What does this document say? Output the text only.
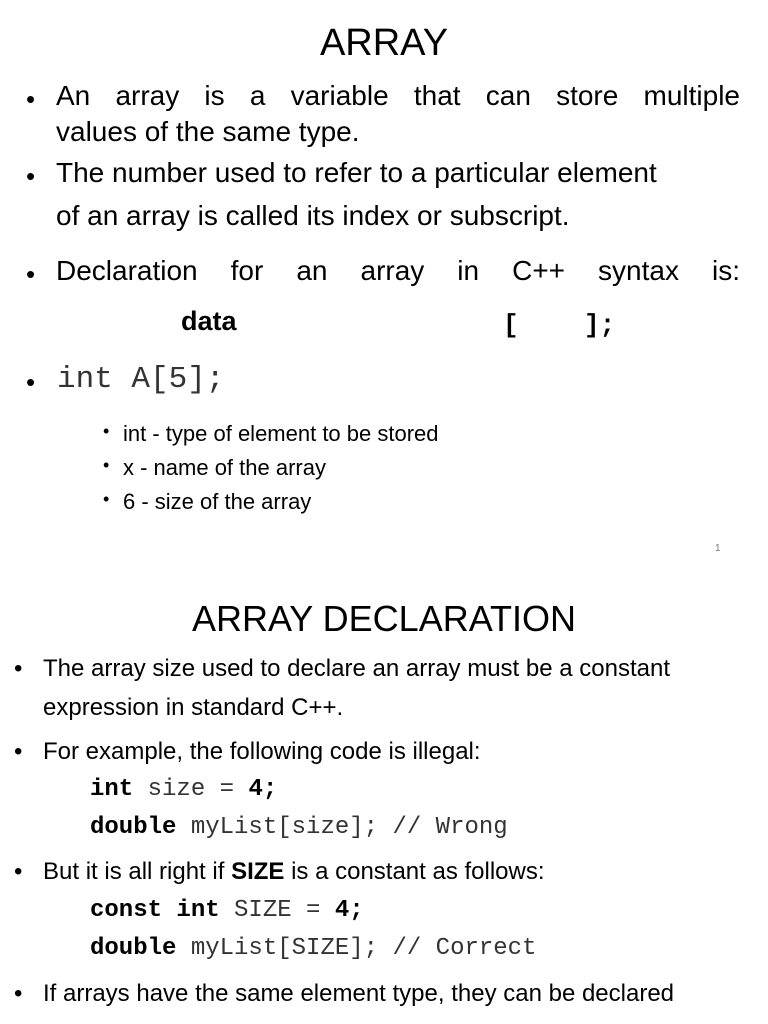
ARRAY
• An array is a variable that can store multiple
values of the same type.
• The number used to refer to a particular element
of an array is called its index or subscript.
• Declaration for an array in C++ syntax is:
data	[	];
• int A[5];
• int - type of element to be stored
• x - name of the array
• 6 - size of the array
1
ARRAY DECLARATION
• The array size used to declare an array must be a constant
expression in standard C++.
• For example, the following code is illegal:
int size = 4;
double myList[size]; // Wrong
• But it is all right if SIZE is a constant as follows:
const int SIZE = 4;
double myList[SIZE]; // Correct
• If arrays have the same element type, they can be declared
